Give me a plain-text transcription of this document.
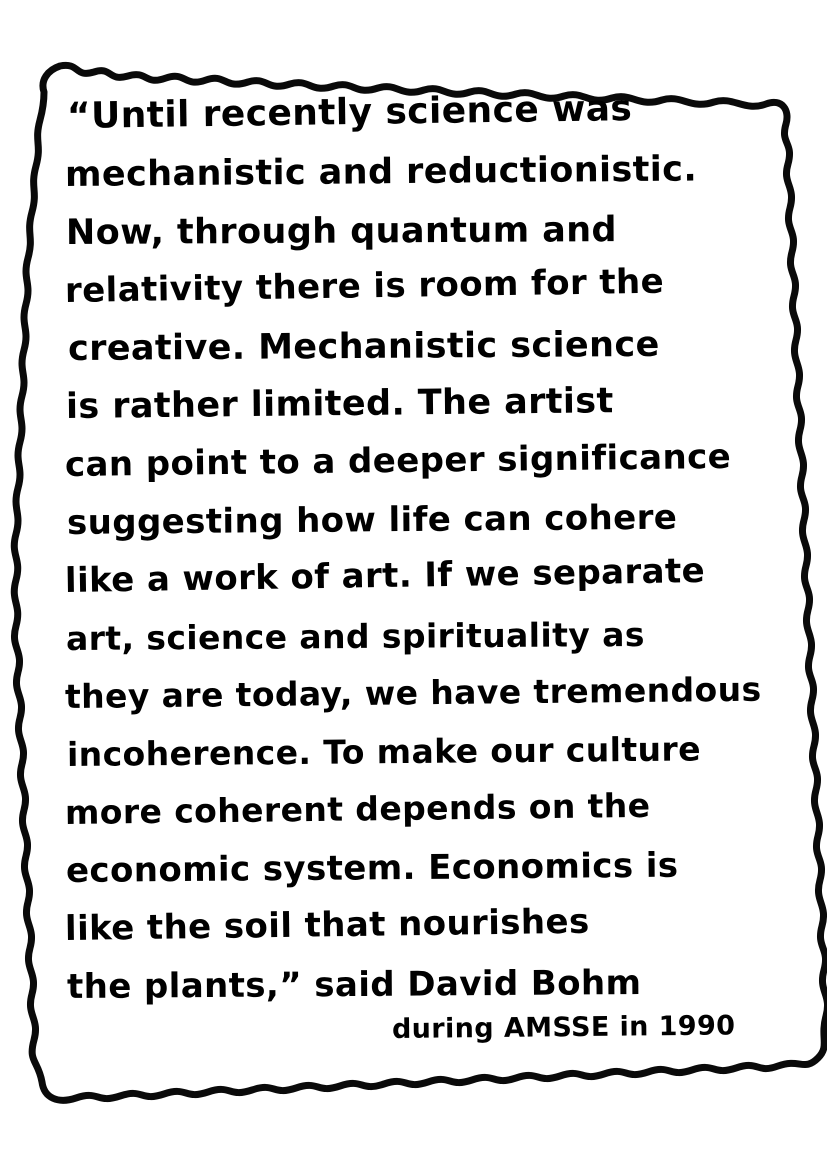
“Until recently science was
mechanistic and reductionistic.
Now, through quantum and
relativity there is room for the
creative. Mechanistic science
is rather limited. The artist
can point to a deeper significance
suggesting how life can cohere
like a work of art. If we separate
art, science and spirituality as
they are today, we have tremendous
incoherence. To make our culture
more coherent depends on the
economic system. Economics is
like the soil that nourishes
the plants,” said David Bohm
during AMSSE in 1990
